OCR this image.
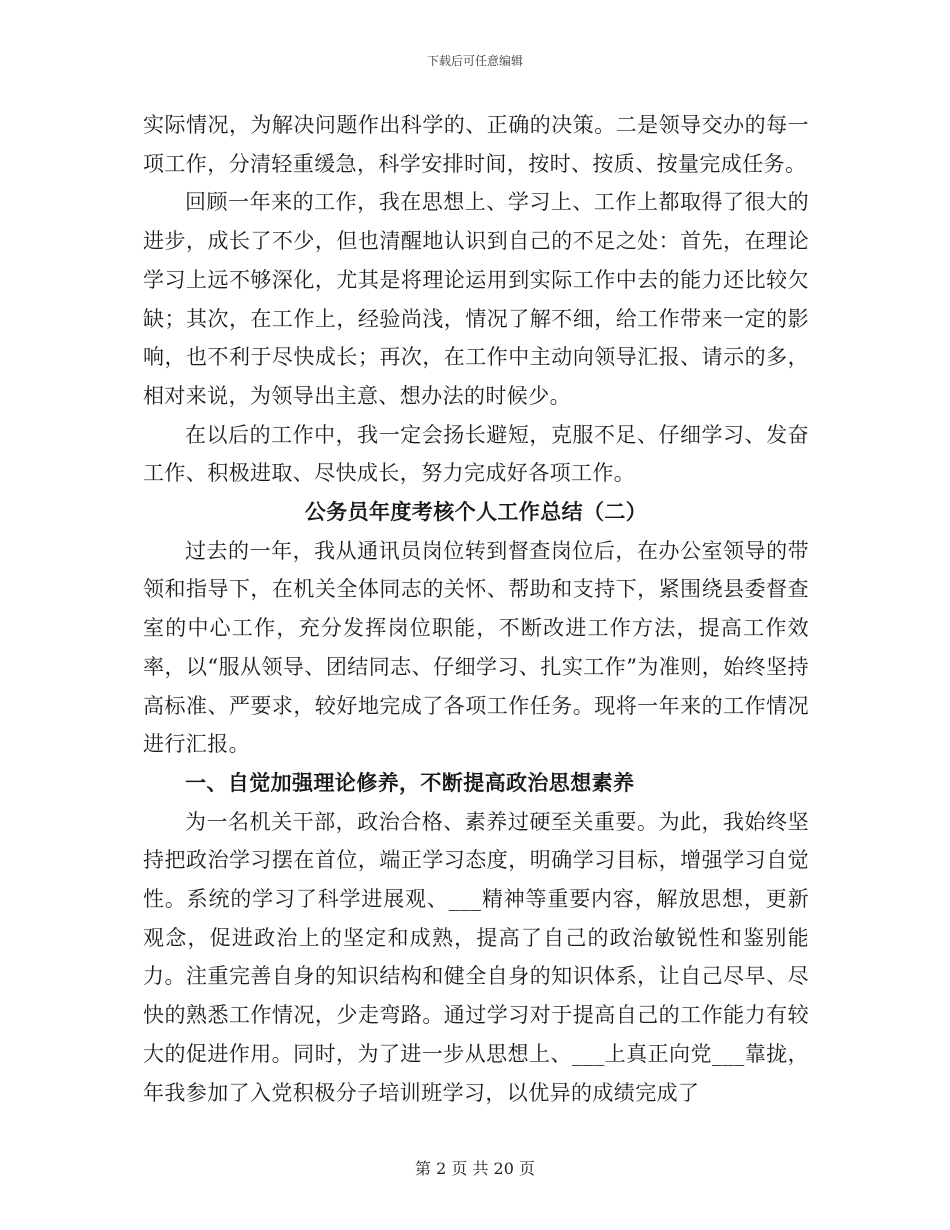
下载后可任意编辑

实际情况，为解决问题作出科学的、正确的决策。二是领导交办的每一项工作，分清轻重缓急，科学安排时间，按时、按质、按量完成任务。

回顾一年来的工作，我在思想上、学习上、工作上都取得了很大的进步，成长了不少，但也清醒地认识到自己的不足之处：首先，在理论学习上远不够深化，尤其是将理论运用到实际工作中去的能力还比较欠缺；其次，在工作上，经验尚浅，情况了解不细，给工作带来一定的影响，也不利于尽快成长；再次，在工作中主动向领导汇报、请示的多，相对来说，为领导出主意、想办法的时候少。

在以后的工作中，我一定会扬长避短，克服不足、仔细学习、发奋工作、积极进取、尽快成长，努力完成好各项工作。

公务员年度考核个人工作总结（二）

过去的一年，我从通讯员岗位转到督查岗位后，在办公室领导的带领和指导下，在机关全体同志的关怀、帮助和支持下，紧围绕县委督查室的中心工作，充分发挥岗位职能，不断改进工作方法，提高工作效率，以“服从领导、团结同志、仔细学习、扎实工作”为准则，始终坚持高标准、严要求，较好地完成了各项工作任务。现将一年来的工作情况进行汇报。

一、自觉加强理论修养，不断提高政治思想素养

为一名机关干部，政治合格、素养过硬至关重要。为此，我始终坚持把政治学习摆在首位，端正学习态度，明确学习目标，增强学习自觉性。系统的学习了科学进展观、___精神等重要内容，解放思想，更新观念，促进政治上的坚定和成熟，提高了自己的政治敏锐性和鉴别能力。注重完善自身的知识结构和健全自身的知识体系，让自己尽早、尽快的熟悉工作情况，少走弯路。通过学习对于提高自己的工作能力有较大的促进作用。同时，为了进一步从思想上、___上真正向党___靠拢，年我参加了入党积极分子培训班学习，以优异的成绩完成了

第 2 页 共 20 页
